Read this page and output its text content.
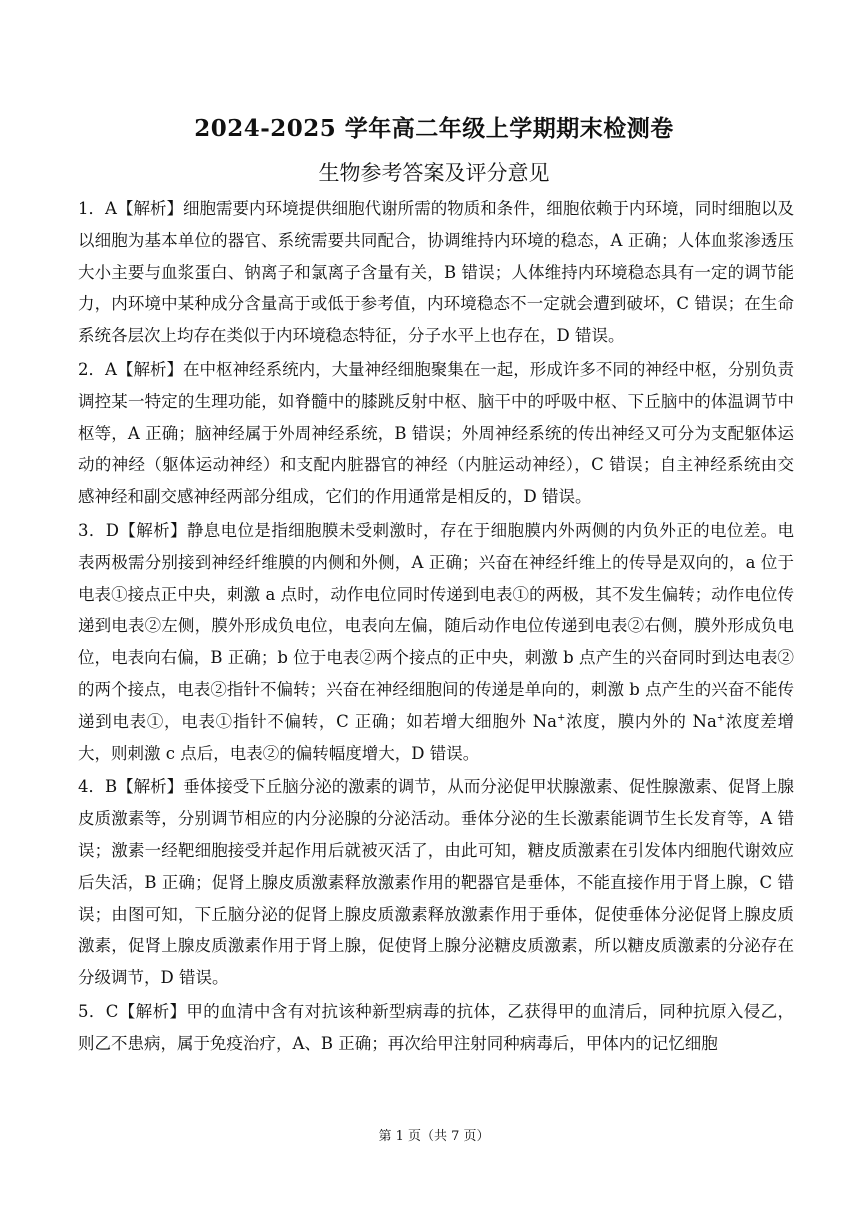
2024-2025 学年高二年级上学期期末检测卷
生物参考答案及评分意见

1．A【解析】细胞需要内环境提供细胞代谢所需的物质和条件，细胞依赖于内环境，同时细胞以及以细胞为基本单位的器官、系统需要共同配合，协调维持内环境的稳态，A 正确；人体血浆渗透压大小主要与血浆蛋白、钠离子和氯离子含量有关，B 错误；人体维持内环境稳态具有一定的调节能力，内环境中某种成分含量高于或低于参考值，内环境稳态不一定就会遭到破坏，C 错误；在生命系统各层次上均存在类似于内环境稳态特征，分子水平上也存在，D 错误。

2．A【解析】在中枢神经系统内，大量神经细胞聚集在一起，形成许多不同的神经中枢，分别负责调控某一特定的生理功能，如脊髓中的膝跳反射中枢、脑干中的呼吸中枢、下丘脑中的体温调节中枢等，A 正确；脑神经属于外周神经系统，B 错误；外周神经系统的传出神经又可分为支配躯体运动的神经（躯体运动神经）和支配内脏器官的神经（内脏运动神经），C 错误；自主神经系统由交感神经和副交感神经两部分组成，它们的作用通常是相反的，D 错误。

3．D【解析】静息电位是指细胞膜未受刺激时，存在于细胞膜内外两侧的内负外正的电位差。电表两极需分别接到神经纤维膜的内侧和外侧，A 正确；兴奋在神经纤维上的传导是双向的，a 位于电表①接点正中央，刺激 a 点时，动作电位同时传递到电表①的两极，其不发生偏转；动作电位传递到电表②左侧，膜外形成负电位，电表向左偏，随后动作电位传递到电表②右侧，膜外形成负电位，电表向右偏，B 正确；b 位于电表②两个接点的正中央，刺激 b 点产生的兴奋同时到达电表②的两个接点，电表②指针不偏转；兴奋在神经细胞间的传递是单向的，刺激 b 点产生的兴奋不能传递到电表①，电表①指针不偏转，C 正确；如若增大细胞外 Na+浓度，膜内外的 Na+浓度差增大，则刺激 c 点后，电表②的偏转幅度增大，D 错误。

4．B【解析】垂体接受下丘脑分泌的激素的调节，从而分泌促甲状腺激素、促性腺激素、促肾上腺皮质激素等，分别调节相应的内分泌腺的分泌活动。垂体分泌的生长激素能调节生长发育等，A 错误；激素一经靶细胞接受并起作用后就被灭活了，由此可知，糖皮质激素在引发体内细胞代谢效应后失活，B 正确；促肾上腺皮质激素释放激素作用的靶器官是垂体，不能直接作用于肾上腺，C 错误；由图可知，下丘脑分泌的促肾上腺皮质激素释放激素作用于垂体，促使垂体分泌促肾上腺皮质激素，促肾上腺皮质激素作用于肾上腺，促使肾上腺分泌糖皮质激素，所以糖皮质激素的分泌存在分级调节，D 错误。

5．C【解析】甲的血清中含有对抗该种新型病毒的抗体，乙获得甲的血清后，同种抗原入侵乙，则乙不患病，属于免疫治疗，A、B 正确；再次给甲注射同种病毒后，甲体内的记忆细胞

第 1 页（共 7 页）
